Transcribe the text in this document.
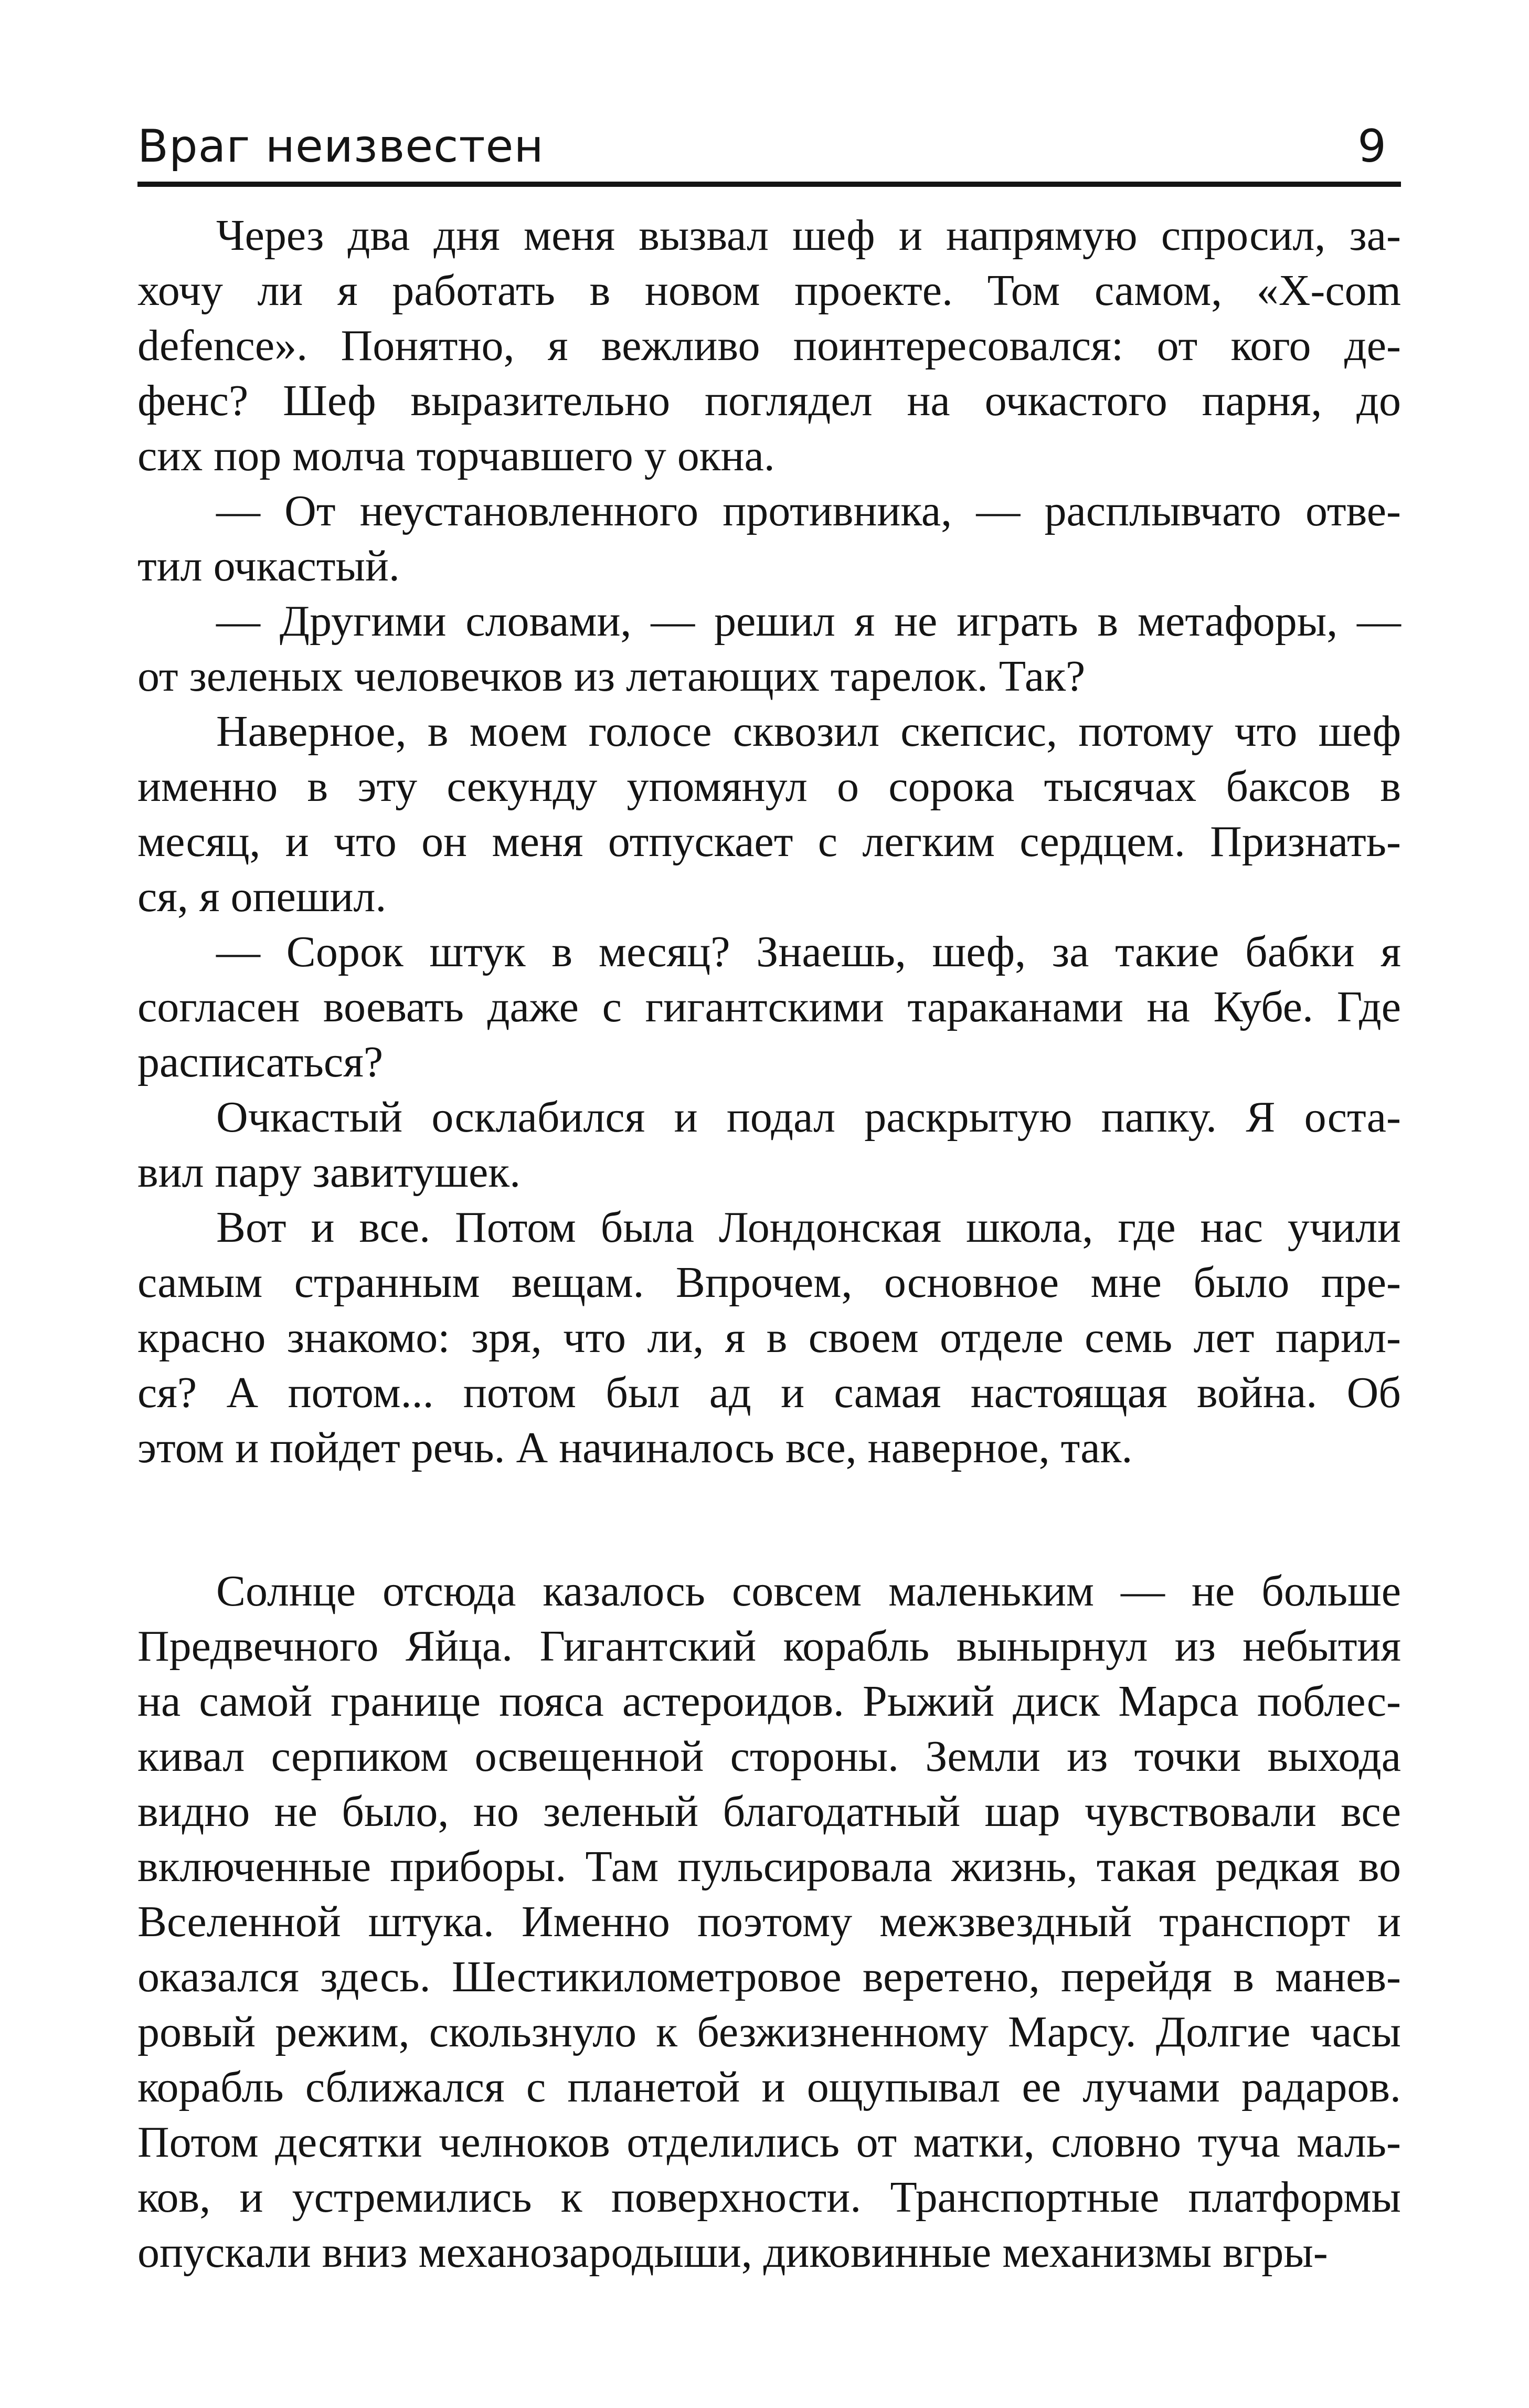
Враг неизвестен	9
Через два дня меня вызвал шеф и напрямую спросил, за-
хочу ли я работать в новом проекте. Том самом, «X-com
defence». Понятно, я вежливо поинтересовался: от кого де-
фенс? Шеф выразительно поглядел на очкастого парня, до
сих пор молча торчавшего у окна.
— От неустановленного противника, — расплывчато отве-
тил очкастый.
— Другими словами, — решил я не играть в метафоры, —
от зеленых человечков из летающих тарелок. Так?
Наверное, в моем голосе сквозил скепсис, потому что шеф
именно в эту секунду упомянул о сорока тысячах баксов в
месяц, и что он меня отпускает с легким сердцем. Признать-
ся, я опешил.
— Сорок штук в месяц? Знаешь, шеф, за такие бабки я
согласен воевать даже с гигантскими тараканами на Кубе. Где
расписаться?
Очкастый осклабился и подал раскрытую папку. Я оста-
вил пару завитушек.
Вот и все. Потом была Лондонская школа, где нас учили
самым странным вещам. Впрочем, основное мне было пре-
красно знакомо: зря, что ли, я в своем отделе семь лет парил-
ся? А потом... потом был ад и самая настоящая война. Об
этом и пойдет речь. А начиналось все, наверное, так.
Солнце отсюда казалось совсем маленьким — не больше
Предвечного Яйца. Гигантский корабль вынырнул из небытия
на самой границе пояса астероидов. Рыжий диск Марса поблес-
кивал серпиком освещенной стороны. Земли из точки выхода
видно не было, но зеленый благодатный шар чувствовали все
включенные приборы. Там пульсировала жизнь, такая редкая во
Вселенной штука. Именно поэтому межзвездный транспорт и
оказался здесь. Шестикилометровое веретено, перейдя в манев-
ровый режим, скользнуло к безжизненному Марсу. Долгие часы
корабль сближался с планетой и ощупывал ее лучами радаров.
Потом десятки челноков отделились от матки, словно туча маль-
ков, и устремились к поверхности. Транспортные платформы
опускали вниз механозародыши, диковинные механизмы вгры-
